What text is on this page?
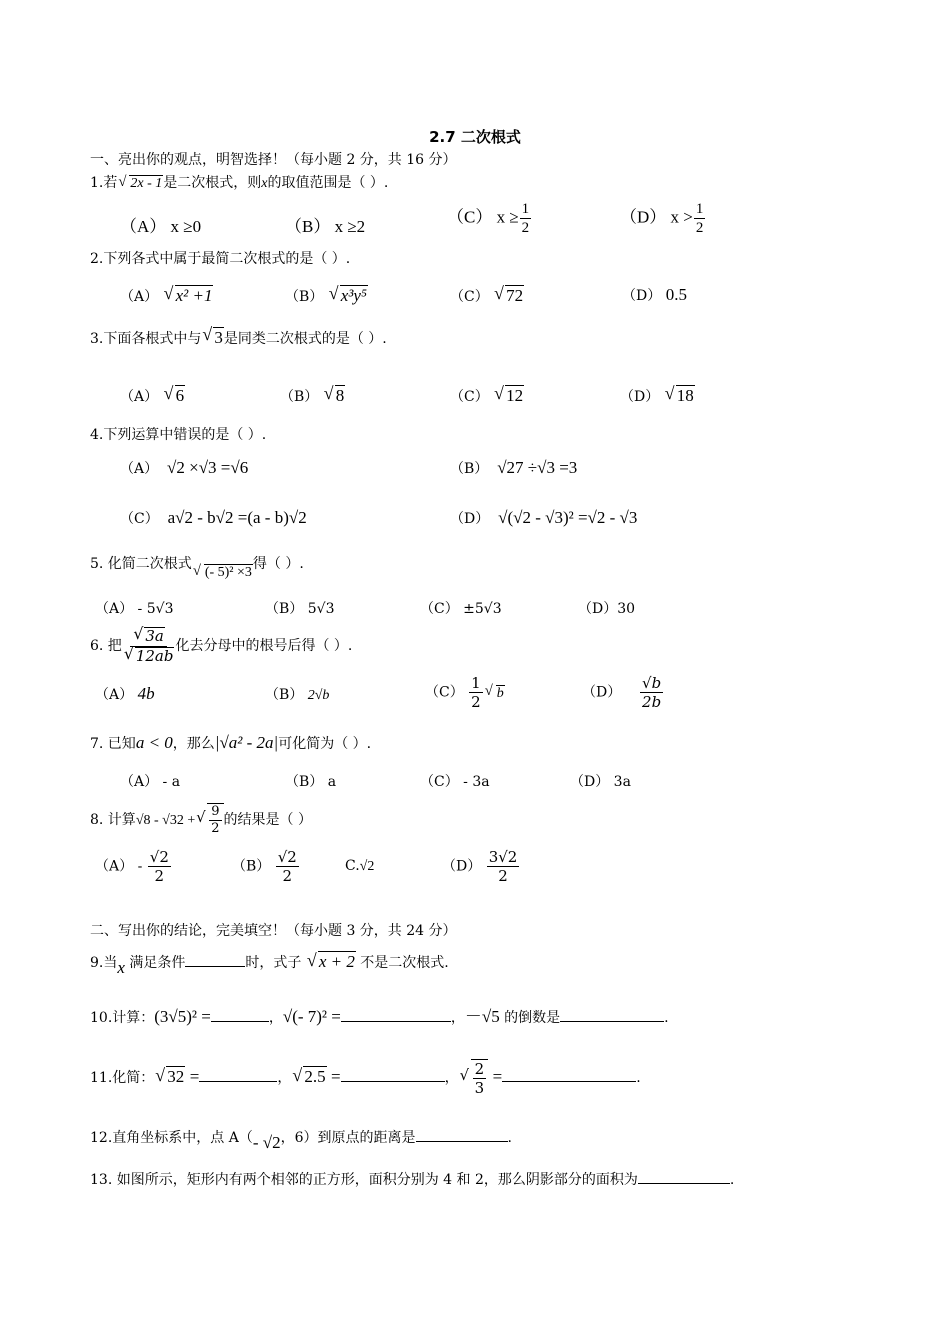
2.7 二次根式
一、亮出你的观点，明智选择！（每小题 2 分，共 16 分）
1.若 √ 2x - 1是二次根式，则x的取值范围是（ ）.
（A） x ≥0	（B） x ≥2
（C） $x \ge \frac{1}{2}$	（D） $x > \frac{1}{2}$
2.下列各式中属于最简二次根式的是（ ）.
（A） √ x² +1	（B） √ x³y⁵	（C） √ 72	（D） 0.5
3.下面各根式中与 √ 3是同类二次根式的是（ ）.
（A） √ 6	（B） √ 8	（C） √ 12	（D） √ 18
4.下列运算中错误的是（ ）.
（A） √2 ×√3 =√6	（B） √27 ÷√3 =3
（C） a√2 - b√2 =(a - b)√2	（D） √(√2 - √3)² =√2 - √3
5. 化简二次根式√ (- 5)² ×3得（ ）.
（A） - 5√3	（B） 5√3	（C） ±5√3	（D）30
6. 把 √ 3a
√ 12ab 化去分母中的根号后得（ ）.
（A） 4b	（B） 2√b	$(C) \frac{1}{2}$ √ b	$(D) \frac{√b}{2b}$
7. 已知a < 0，那么|√a² - 2a|可化简为（ ）.
（A） - a	（B） a	（C） - 3a	（D） 3a
8. 计算√8 - √32 + √ $\frac{9}{2}$ 的结果是（ ）
$(A) - \frac{√2}{2}$	$(B) \frac{√2}{2}$	C.√2	$(D) \frac{3√2}{2}$
二、写出你的结论，完美填空！（每小题 3 分，共 24 分）
9.当x 满足条件	时，式子 √ x + 2 不是二次根式.
10.计算：(3√5)² =	，√(- 7)² =	，－√5 的倒数是	.
11.化简： √ 32 =	， √ 2.5 =	， √ $\frac{2}{3}$ =	.
12.直角坐标系中，点 A（- √2，6）到原点的距离是	.
13. 如图所示，矩形内有两个相邻的正方形，面积分别为 4 和 2，那么阴影部分的面积为	.
